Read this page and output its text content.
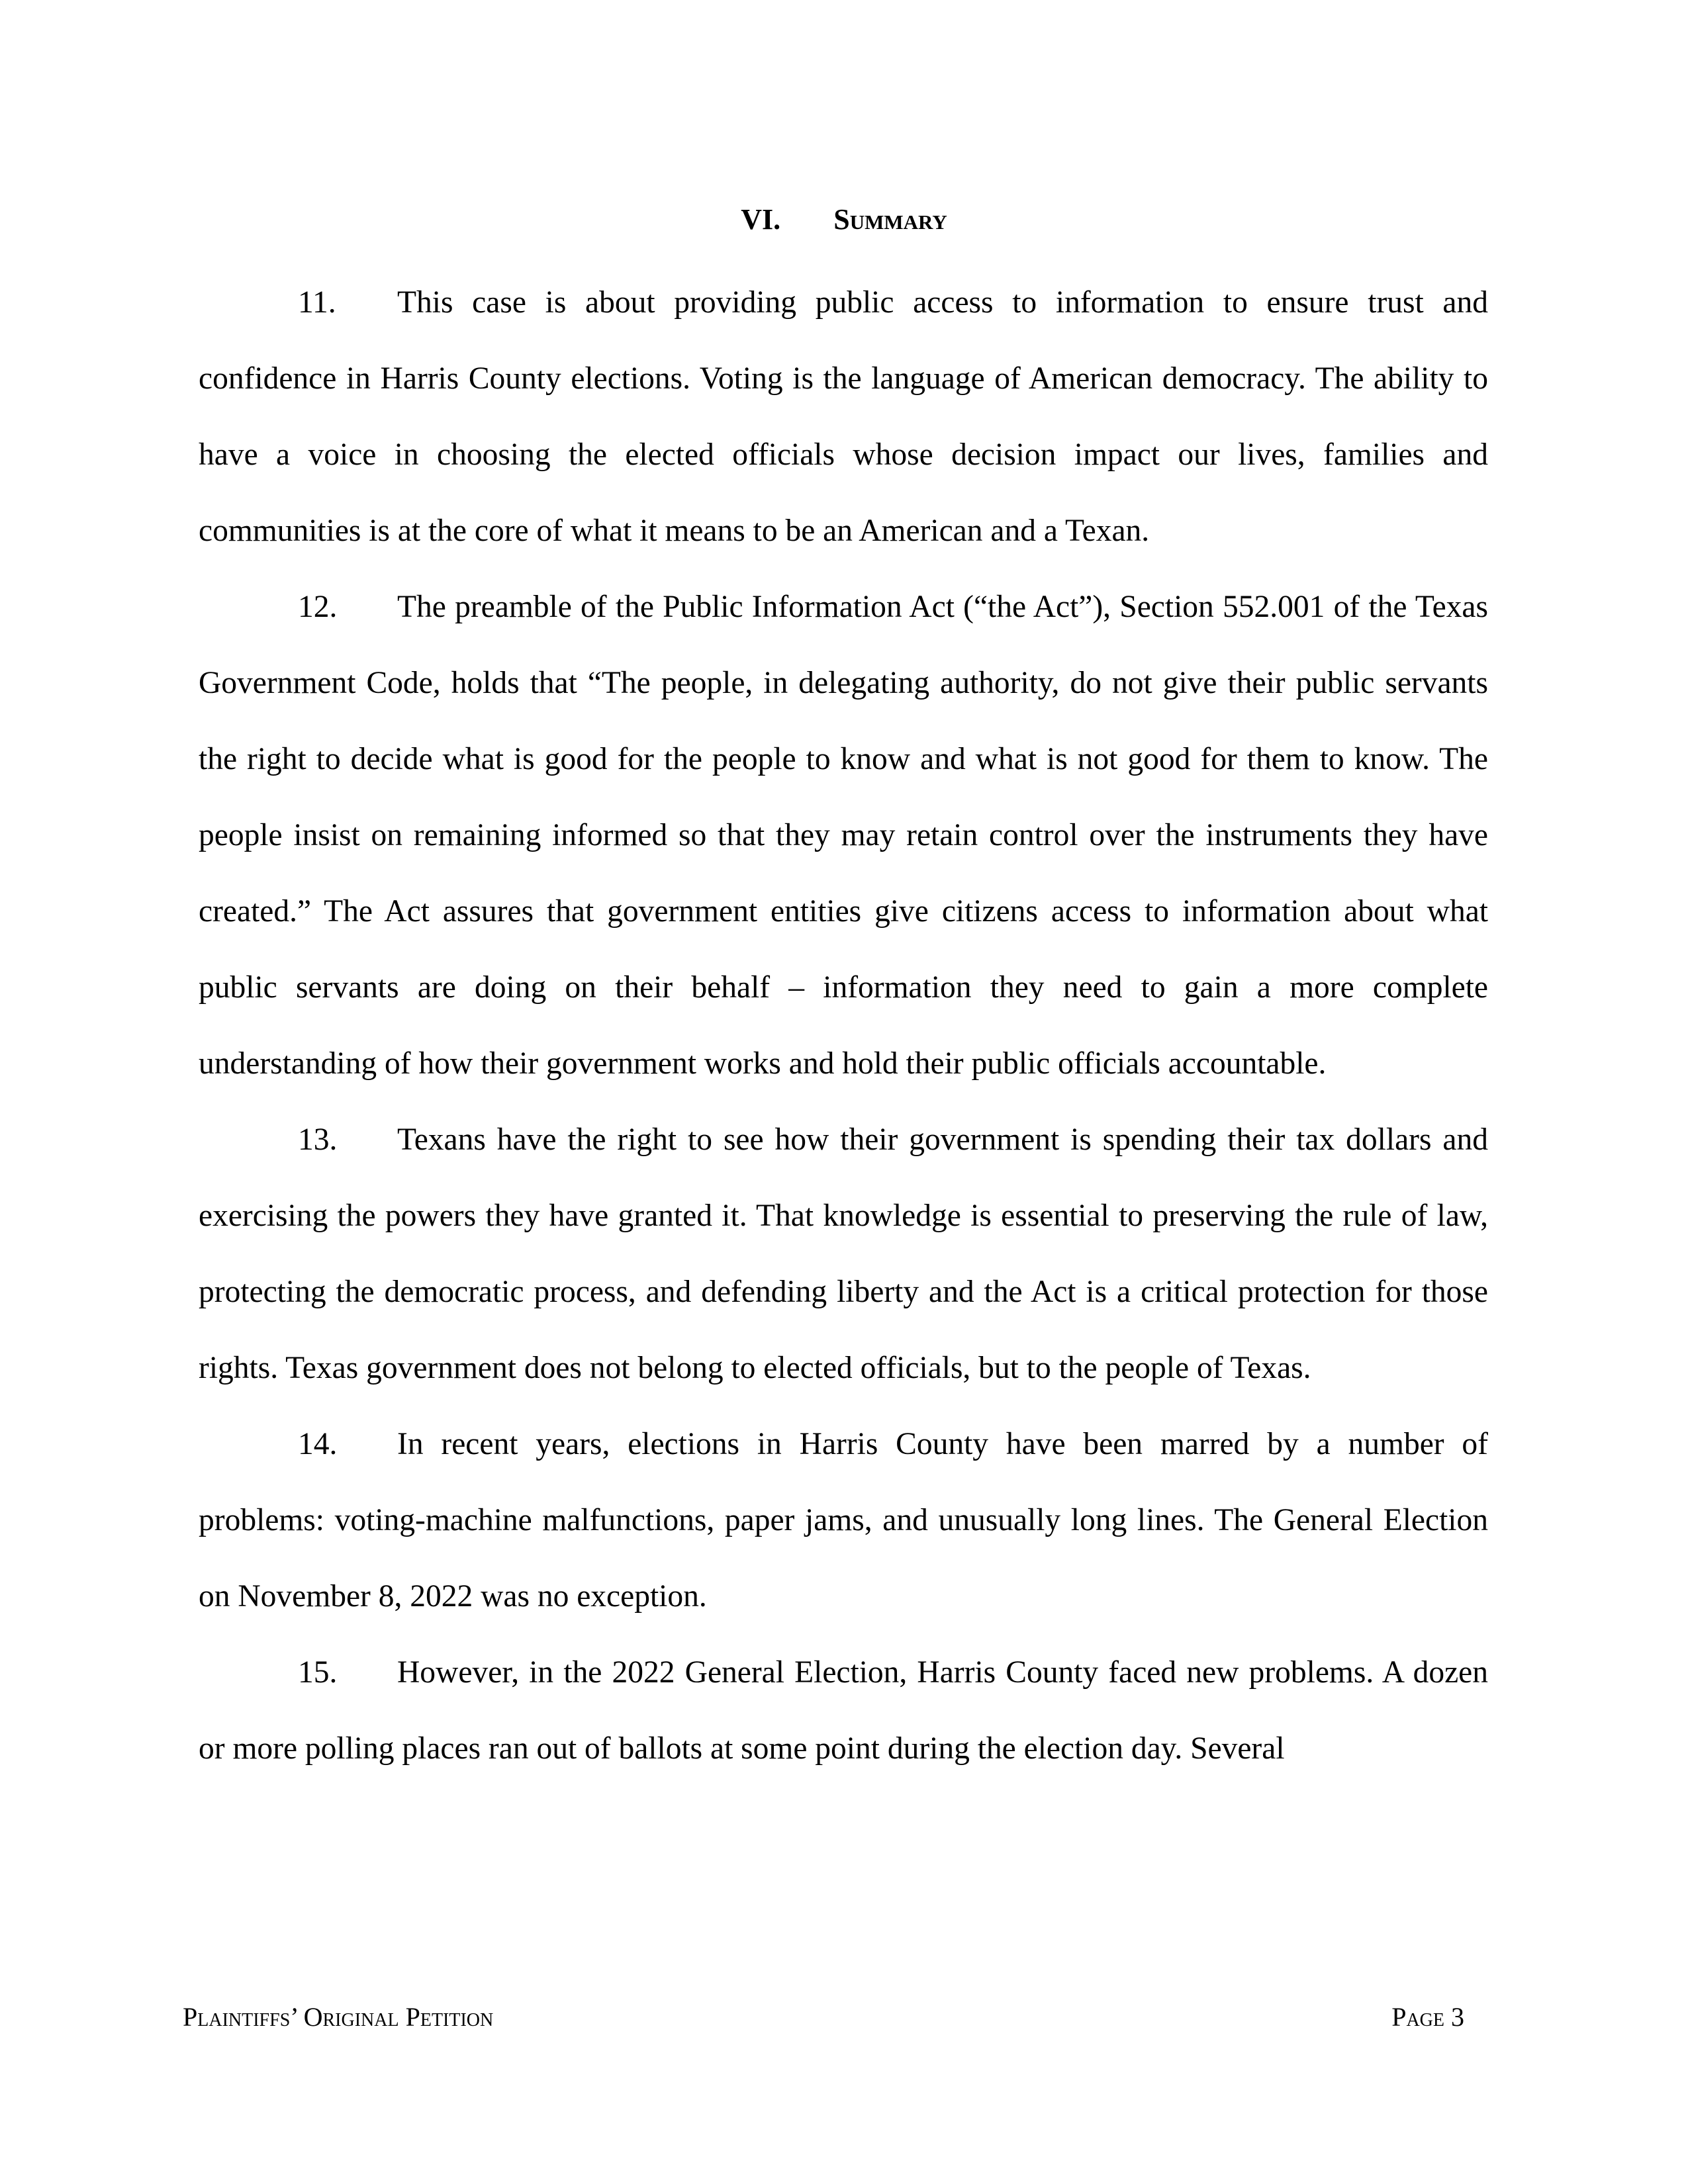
VI. Summary

11. This case is about providing public access to information to ensure trust and confidence in Harris County elections. Voting is the language of American democracy. The ability to have a voice in choosing the elected officials whose decision impact our lives, families and communities is at the core of what it means to be an American and a Texan.

12. The preamble of the Public Information Act (“the Act”), Section 552.001 of the Texas Government Code, holds that “The people, in delegating authority, do not give their public servants the right to decide what is good for the people to know and what is not good for them to know. The people insist on remaining informed so that they may retain control over the instruments they have created.” The Act assures that government entities give citizens access to information about what public servants are doing on their behalf – information they need to gain a more complete understanding of how their government works and hold their public officials accountable.

13. Texans have the right to see how their government is spending their tax dollars and exercising the powers they have granted it. That knowledge is essential to preserving the rule of law, protecting the democratic process, and defending liberty and the Act is a critical protection for those rights. Texas government does not belong to elected officials, but to the people of Texas.

14. In recent years, elections in Harris County have been marred by a number of problems: voting-machine malfunctions, paper jams, and unusually long lines. The General Election on November 8, 2022 was no exception.

15. However, in the 2022 General Election, Harris County faced new problems. A dozen or more polling places ran out of ballots at some point during the election day. Several

Plaintiffs’ Original Petition	Page 3
